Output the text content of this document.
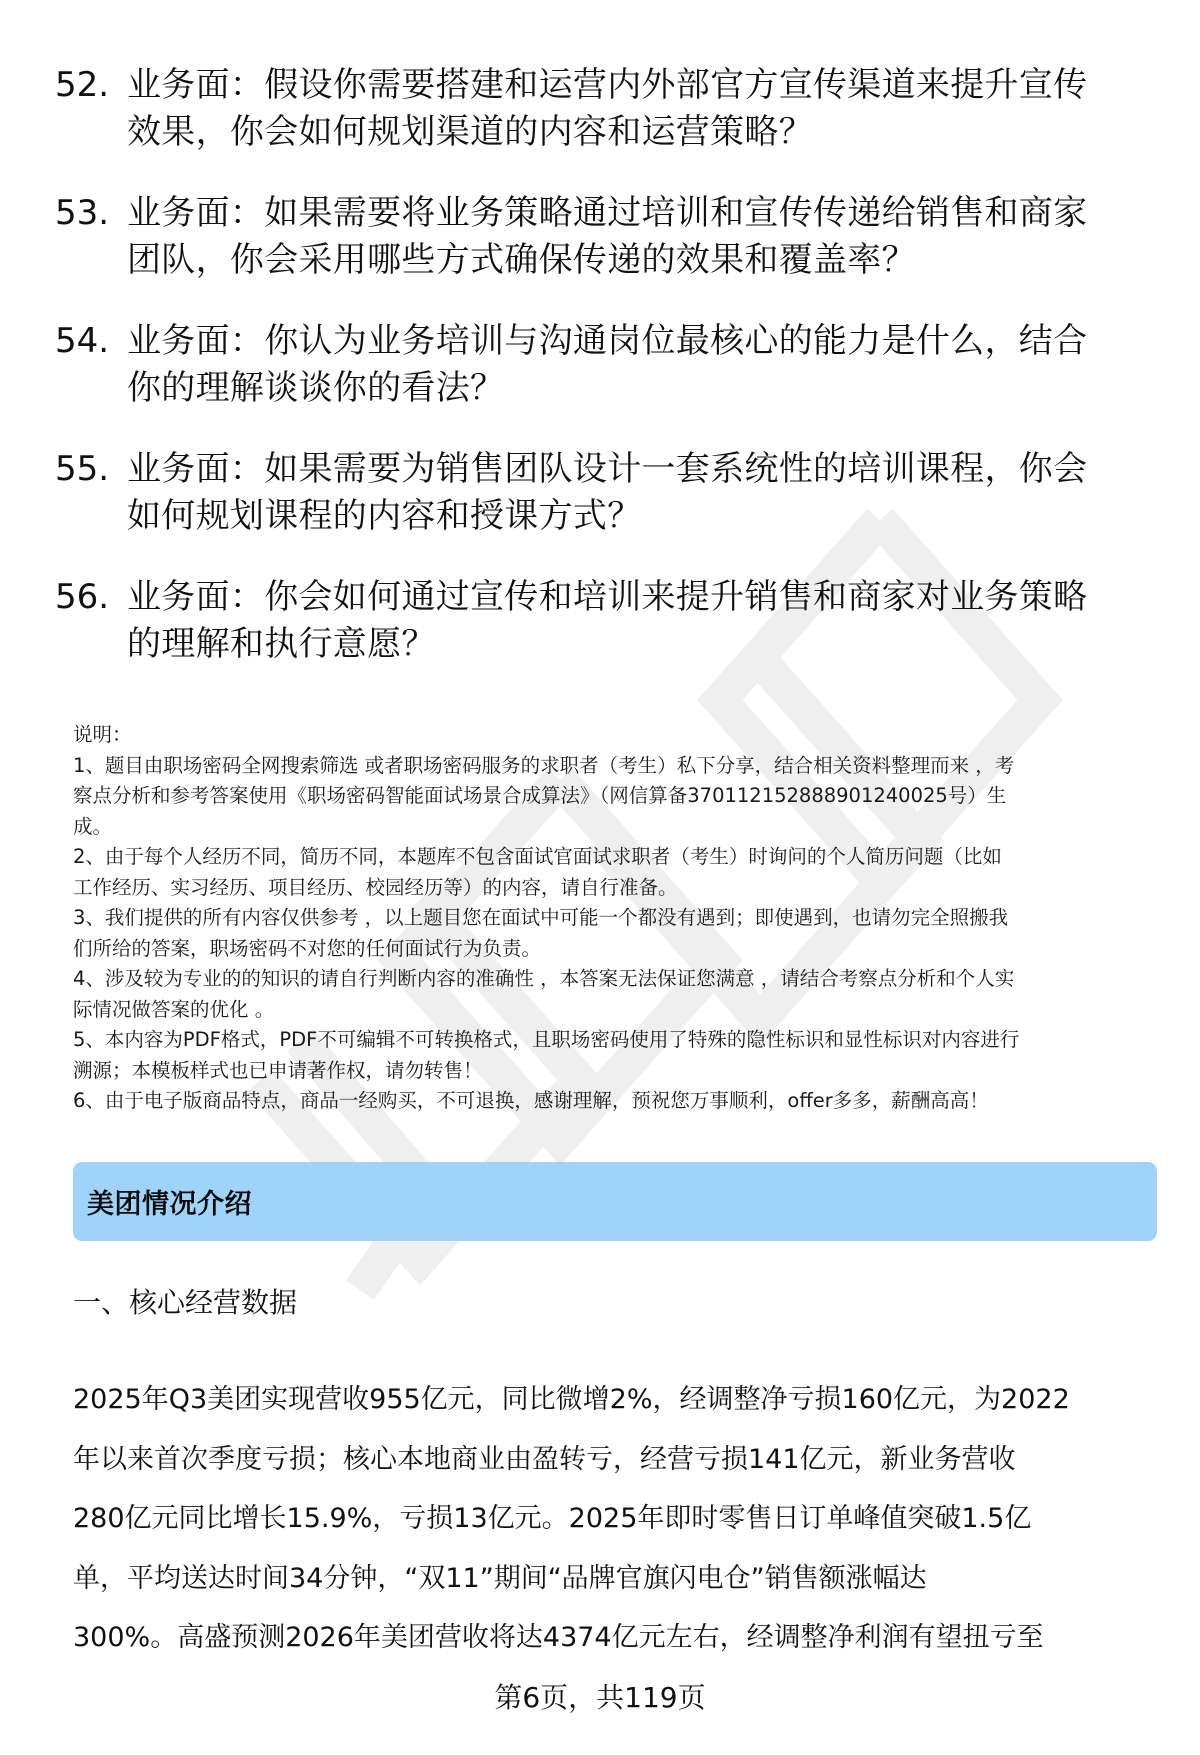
52. 业务面：假设你需要搭建和运营内外部官方宣传渠道来提升宣传
效果，你会如何规划渠道的内容和运营策略？
53. 业务面：如果需要将业务策略通过培训和宣传传递给销售和商家
团队，你会采用哪些方式确保传递的效果和覆盖率？
54. 业务面：你认为业务培训与沟通岗位最核心的能力是什么，结合
你的理解谈谈你的看法？
55. 业务面：如果需要为销售团队设计一套系统性的培训课程，你会
如何规划课程的内容和授课方式？
56. 业务面：你会如何通过宣传和培训来提升销售和商家对业务策略
的理解和执行意愿？

说明：

1、题目由职场密码全网搜索筛选 或者职场密码服务的求职者（考生）私下分享，结合相关资料整理而来 ，考

察点分析和参考答案使用《职场密码智能面试场景合成算法》（网信算备370112152888901240025号）生

成。

2、由于每个人经历不同，简历不同，本题库不包含面试官面试求职者（考生）时询问的个人简历问题（比如

工作经历、实习经历、项目经历、校园经历等）的内容，请自行准备。

3、我们提供的所有内容仅供参考 ，以上题目您在面试中可能一个都没有遇到；即使遇到，也请勿完全照搬我

们所给的答案，职场密码不对您的任何面试行为负责。

4、涉及较为专业的的知识的请自行判断内容的准确性 ，本答案无法保证您满意 ，请结合考察点分析和个人实

际情况做答案的优化 。

5、本内容为PDF格式，PDF不可编辑不可转换格式，且职场密码使用了特殊的隐性标识和显性标识对内容进行

溯源；本模板样式也已申请著作权，请勿转售！

6、由于电子版商品特点，商品一经购买，不可退换，感谢理解，预祝您万事顺利，offer多多，薪酬高高！

美团情况介绍
一、核心经营数据
2025年Q3美团实现营收955亿元，同比微增2%，经调整净亏损160亿元，为2022
年以来首次季度亏损；核心本地商业由盈转亏，经营亏损141亿元，新业务营收
280亿元同比增长15.9%，亏损13亿元。2025年即时零售日订单峰值突破1.5亿
单，平均送达时间34分钟，“双11”期间“品牌官旗闪电仓”销售额涨幅达
300%。高盛预测2026年美团营收将达4374亿元左右，经调整净利润有望扭亏至
第6页，共119页
